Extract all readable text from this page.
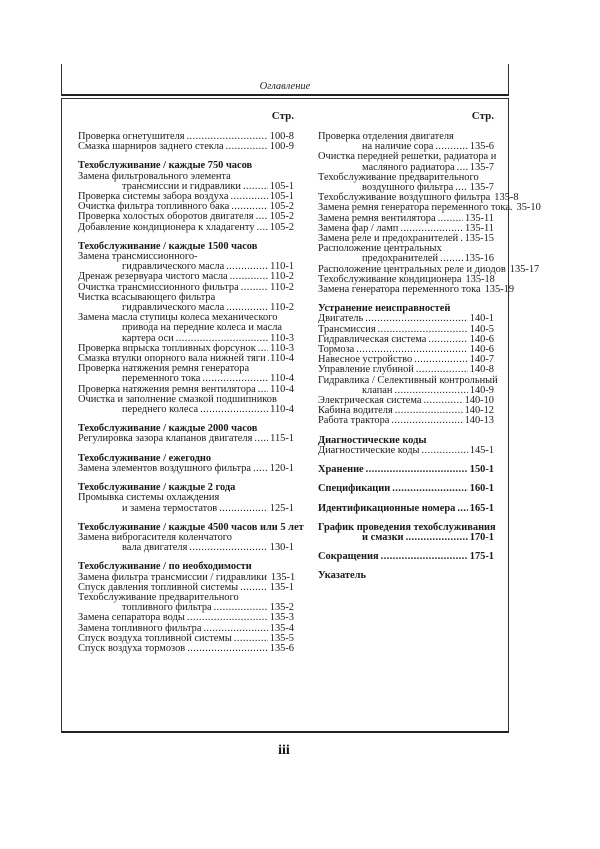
Оглавление
Стр.
Проверка огнетушителя .....	100-8
Смазка шарниров заднего стекла .....	100-9
Техобслуживание / каждые 750 часов
Замена фильтровального элемента
трансмиссии и гидравлики .....	105-1
Проверка системы забора воздуха .....	105-1
Очистка фильтра топливного бака .....	105-2
Проверка холостых оборотов двигателя ..... 105-2
Добавление кондиционера к хладагенту ..... 105-2
Техобслуживание / каждые 1500 часов
Замена трансмиссионного-
гидравлического масла .....	110-1
Дренаж резервуара чистого масла .....	110-2
Очистка трансмиссионного фильтра .....	110-2
Чистка всасывающего фильтра
гидравлического масла .....	110-2
Замена масла ступицы колеса механического
привода на передние колеса и масла
картера оси .....	110-3
Проверка впрыска топливных форсунок ..... 110-3
Смазка втулки опорного вала нижней тяги ..... 110-4
Проверка натяжения ремня генератора
переменного тока .....	110-4
Проверка натяжения ремня вентилятора ..... 110-4
Очистка и заполнение смазкой подшипников
переднего колеса .....	110-4
Техобслуживание / каждые 2000 часов
Регулировка зазора клапанов двигателя ..... 115-1
Техобслуживание / ежегодно
Замена элементов воздушного фильтра ..... 120-1
Техобслуживание / каждые 2 года
Промывка системы охлаждения
и замена термостатов .....	125-1
Техобслуживание / каждые 4500 часов или 5 лет
Замена виброгасителя коленчатого
вала двигателя .....	130-1
Техобслуживание / по необходимости
Замена фильтра трансмиссии / гидравлики 135-1
Спуск давления топливной системы .....	135-1
Техобслуживание предварительного
топливного фильтра .....	135-2
Замена сепаратора воды .....	135-3
Замена топливного фильтра .....	135-4
Спуск воздуха топливной системы .....	135-5
Спуск воздуха тормозов .....	135-6
Стр.
Проверка отделения двигателя
на наличие сора .....	135-6
Очистка передней решетки, радиатора и
масляного радиатора ..... 135-7
Техобслуживание предварительного
воздушного фильтра ..... 135-7
Техобслуживание воздушного фильтра 135-8
Замена ремня генератора переменного тока. 35-10
Замена ремня вентилятора .....	135-11
Замена фар / ламп .....	135-11
Замена реле и предохранителей ..... 135-15
Расположение центральных
предохранителей .....	135-16
Расположение центральных реле и диодов 135-17
Техобслуживание кондиционера 135-18
Замена генератора переменного тока 135-19
Устранение неисправностей
Двигатель .....	140-1
Трансмиссия .....	140-5
Гидравлическая система .....	140-6
Тормоза .....	140-6
Навесное устройство .....	140-7
Управление глубиной .....	140-8
Гидравлика / Селективный контрольный
клапан .....	140-9
Электрическая система .....	140-10
Кабина водителя .....	140-12
Работа трактора .....	140-13
Диагностические коды
Диагностические коды .....	145-1
Хранение .....	150-1
Спецификации .....	160-1
Идентификационные номера ..... 165-1
График проведения техобслуживания
и смазки .....	170-1
Сокращения .....	175-1
Указатель
iii
